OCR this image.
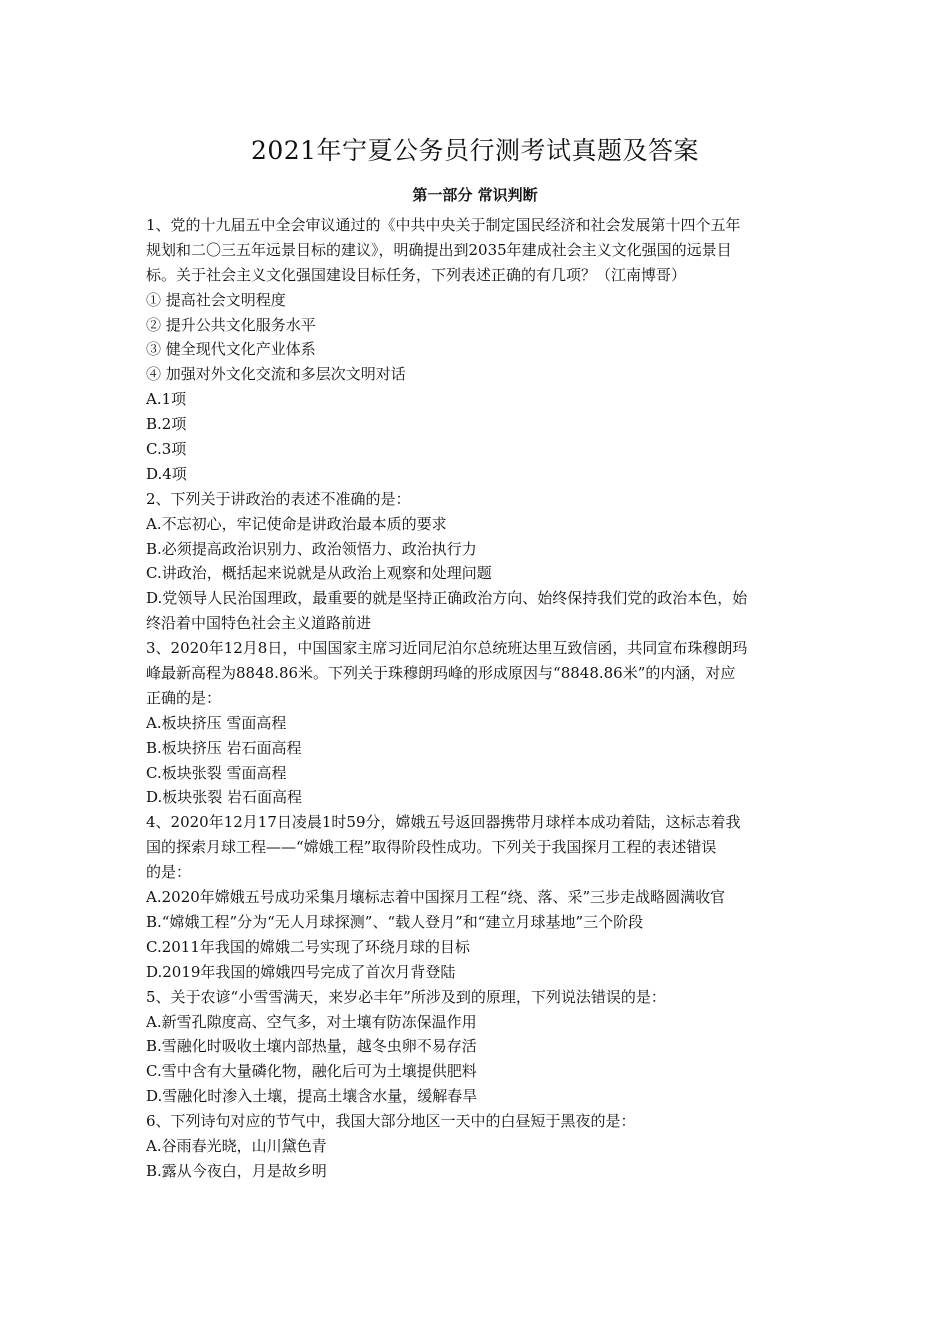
2021年宁夏公务员行测考试真题及答案
第一部分 常识判断
1、党的十九届五中全会审议通过的《中共中央关于制定国民经济和社会发展第十四个五年
规划和二〇三五年远景目标的建议》，明确提出到2035年建成社会主义文化强国的远景目
标。关于社会主义文化强国建设目标任务，下列表述正确的有几项？（江南博哥）
① 提高社会文明程度
② 提升公共文化服务水平
③ 健全现代文化产业体系
④ 加强对外文化交流和多层次文明对话
A.1项
B.2项
C.3项
D.4项
2、下列关于讲政治的表述不准确的是：
A.不忘初心，牢记使命是讲政治最本质的要求
B.必须提高政治识别力、政治领悟力、政治执行力
C.讲政治，概括起来说就是从政治上观察和处理问题
D.党领导人民治国理政，最重要的就是坚持正确政治方向、始终保持我们党的政治本色，始
终沿着中国特色社会主义道路前进
3、2020年12月8日，中国国家主席习近同尼泊尔总统班达里互致信函，共同宣布珠穆朗玛
峰最新高程为8848.86米。下列关于珠穆朗玛峰的形成原因与“8848.86米”的内涵，对应
正确的是：
A.板块挤压 雪面高程
B.板块挤压 岩石面高程
C.板块张裂 雪面高程
D.板块张裂 岩石面高程
4、2020年12月17日凌晨1时59分，嫦娥五号返回器携带月球样本成功着陆，这标志着我
国的探索月球工程——“嫦娥工程”取得阶段性成功。下列关于我国探月工程的表述错误
的是：
A.2020年嫦娥五号成功采集月壤标志着中国探月工程“绕、落、采”三步走战略圆满收官
B.“嫦娥工程”分为“无人月球探测”、“载人登月”和“建立月球基地”三个阶段
C.2011年我国的嫦娥二号实现了环绕月球的目标
D.2019年我国的嫦娥四号完成了首次月背登陆
5、关于农谚“小雪雪满天，来岁必丰年”所涉及到的原理，下列说法错误的是：
A.新雪孔隙度高、空气多，对土壤有防冻保温作用
B.雪融化时吸收土壤内部热量，越冬虫卵不易存活
C.雪中含有大量磷化物，融化后可为土壤提供肥料
D.雪融化时渗入土壤，提高土壤含水量，缓解春旱
6、下列诗句对应的节气中，我国大部分地区一天中的白昼短于黑夜的是：
A.谷雨春光晓，山川黛色青
B.露从今夜白，月是故乡明
